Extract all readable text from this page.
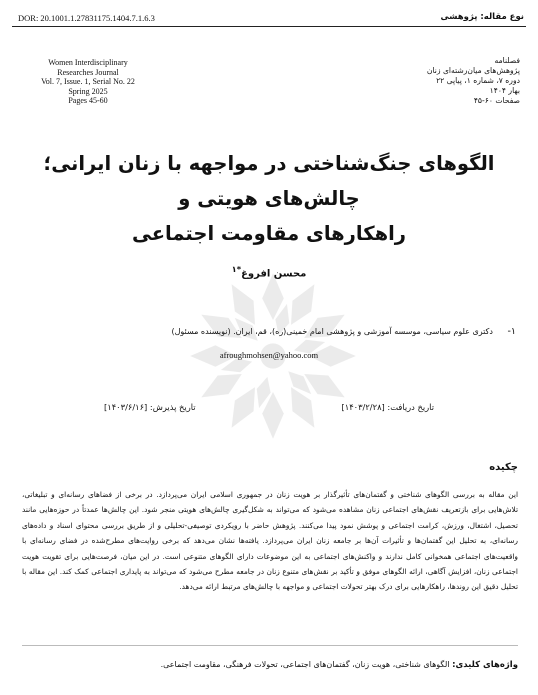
DOR: 20.1001.1.27831175.1404.7.1.6.3	نوع مقاله: پژوهشی
Women Interdisciplinary
Researches Journal
Vol. 7, Issue. 1, Serial No. 22
Spring 2025
Pages 45-60
فصلنامه
پژوهش‌های میان‌رشته‌ای زنان
دوره ۷، شماره ۱، پیاپی ۲۲
بهار ۱۴۰۴
صفحات ۶۰-۴۵
الگوهای جنگ‌شناختی در مواجهه با زنان ایرانی؛ چالش‌های هویتی و
راهکارهای مقاومت اجتماعی
محسن افروغ$^{*۱}$
۱- دکتری علوم سیاسی، موسسه آموزشی و پژوهشی امام خمینی(ره)، قم، ایران. (نویسنده مسئول)
afroughmohsen@yahoo.com
تاریخ دریافت: [۱۴۰۳/۲/۲۸]
تاریخ پذیرش: [۱۴۰۳/۶/۱۶]
چکیده
این مقاله به بررسی الگوهای شناختی و گفتمان‌های تأثیرگذار بر هویت زنان در جمهوری اسلامی ایران می‌پردازد. در برخی از فضاهای رسانه‌ای و تبلیغاتی، تلاش‌هایی برای بازتعریف نقش‌های اجتماعی زنان مشاهده می‌شود که می‌تواند به شکل‌گیری چالش‌های هویتی منجر شود. این چالش‌ها عمدتاً در حوزه‌هایی مانند تحصیل، اشتغال، ورزش، کرامت اجتماعی و پوشش نمود پیدا می‌کنند. پژوهش حاضر با رویکردی توصیفی-تحلیلی و از طریق بررسی محتوای اسناد و داده‌های رسانه‌ای، به تحلیل این گفتمان‌ها و تأثیرات آن‌ها بر جامعه زنان ایران می‌پردازد. یافته‌ها نشان می‌دهد که برخی روایت‌های مطرح‌شده در فضای رسانه‌ای با واقعیت‌های اجتماعی همخوانی کامل ندارند و واکنش‌های اجتماعی به این موضوعات دارای الگوهای متنوعی است. در این میان، فرصت‌هایی برای تقویت هویت اجتماعی زنان، افزایش آگاهی، ارائه الگوهای موفق و تأکید بر نقش‌های متنوع زنان در جامعه مطرح می‌شود که می‌تواند به پایداری اجتماعی کمک کند. این مقاله با تحلیل دقیق این روندها، راهکارهایی برای درک بهتر تحولات اجتماعی و مواجهه با چالش‌های مرتبط ارائه می‌دهد.
واژه‌های کلیدی: الگوهای شناختی، هویت زنان، گفتمان‌های اجتماعی، تحولات فرهنگی، مقاومت اجتماعی.
